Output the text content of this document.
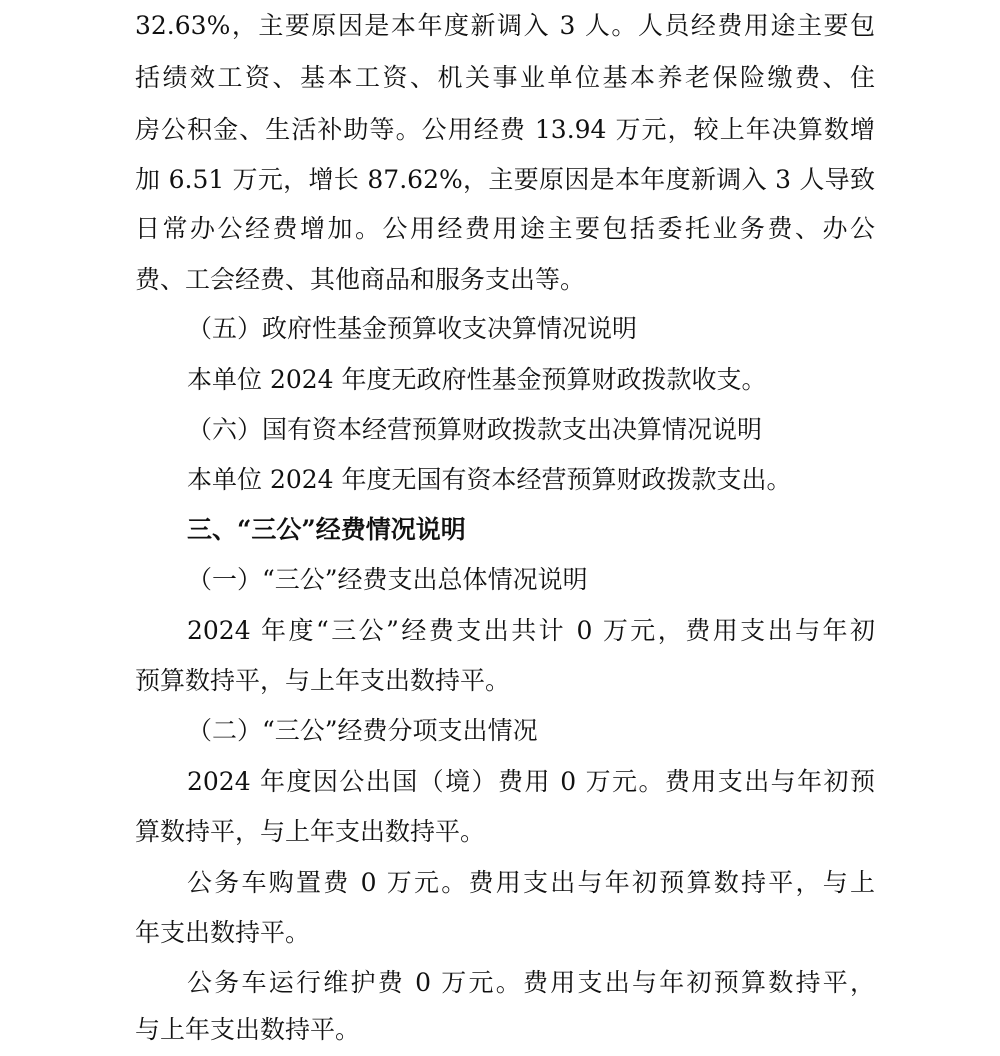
32.63%，主要原因是本年度新调入 3 人。人员经费用途主要包
括绩效工资、基本工资、机关事业单位基本养老保险缴费、住
房公积金、生活补助等。公用经费 13.94 万元，较上年决算数增
加 6.51 万元，增长 87.62%，主要原因是本年度新调入 3 人导致
日常办公经费增加。公用经费用途主要包括委托业务费、办公
费、工会经费、其他商品和服务支出等。
（五）政府性基金预算收支决算情况说明
本单位 2024 年度无政府性基金预算财政拨款收支。
（六）国有资本经营预算财政拨款支出决算情况说明
本单位 2024 年度无国有资本经营预算财政拨款支出。
三、“三公”经费情况说明
（一）“三公”经费支出总体情况说明
2024 年度“三公”经费支出共计 0 万元，费用支出与年初
预算数持平，与上年支出数持平。
（二）“三公”经费分项支出情况
2024 年度因公出国（境）费用 0 万元。费用支出与年初预
算数持平，与上年支出数持平。
公务车购置费 0 万元。费用支出与年初预算数持平，与上
年支出数持平。
公务车运行维护费 0 万元。费用支出与年初预算数持平，
与上年支出数持平。
